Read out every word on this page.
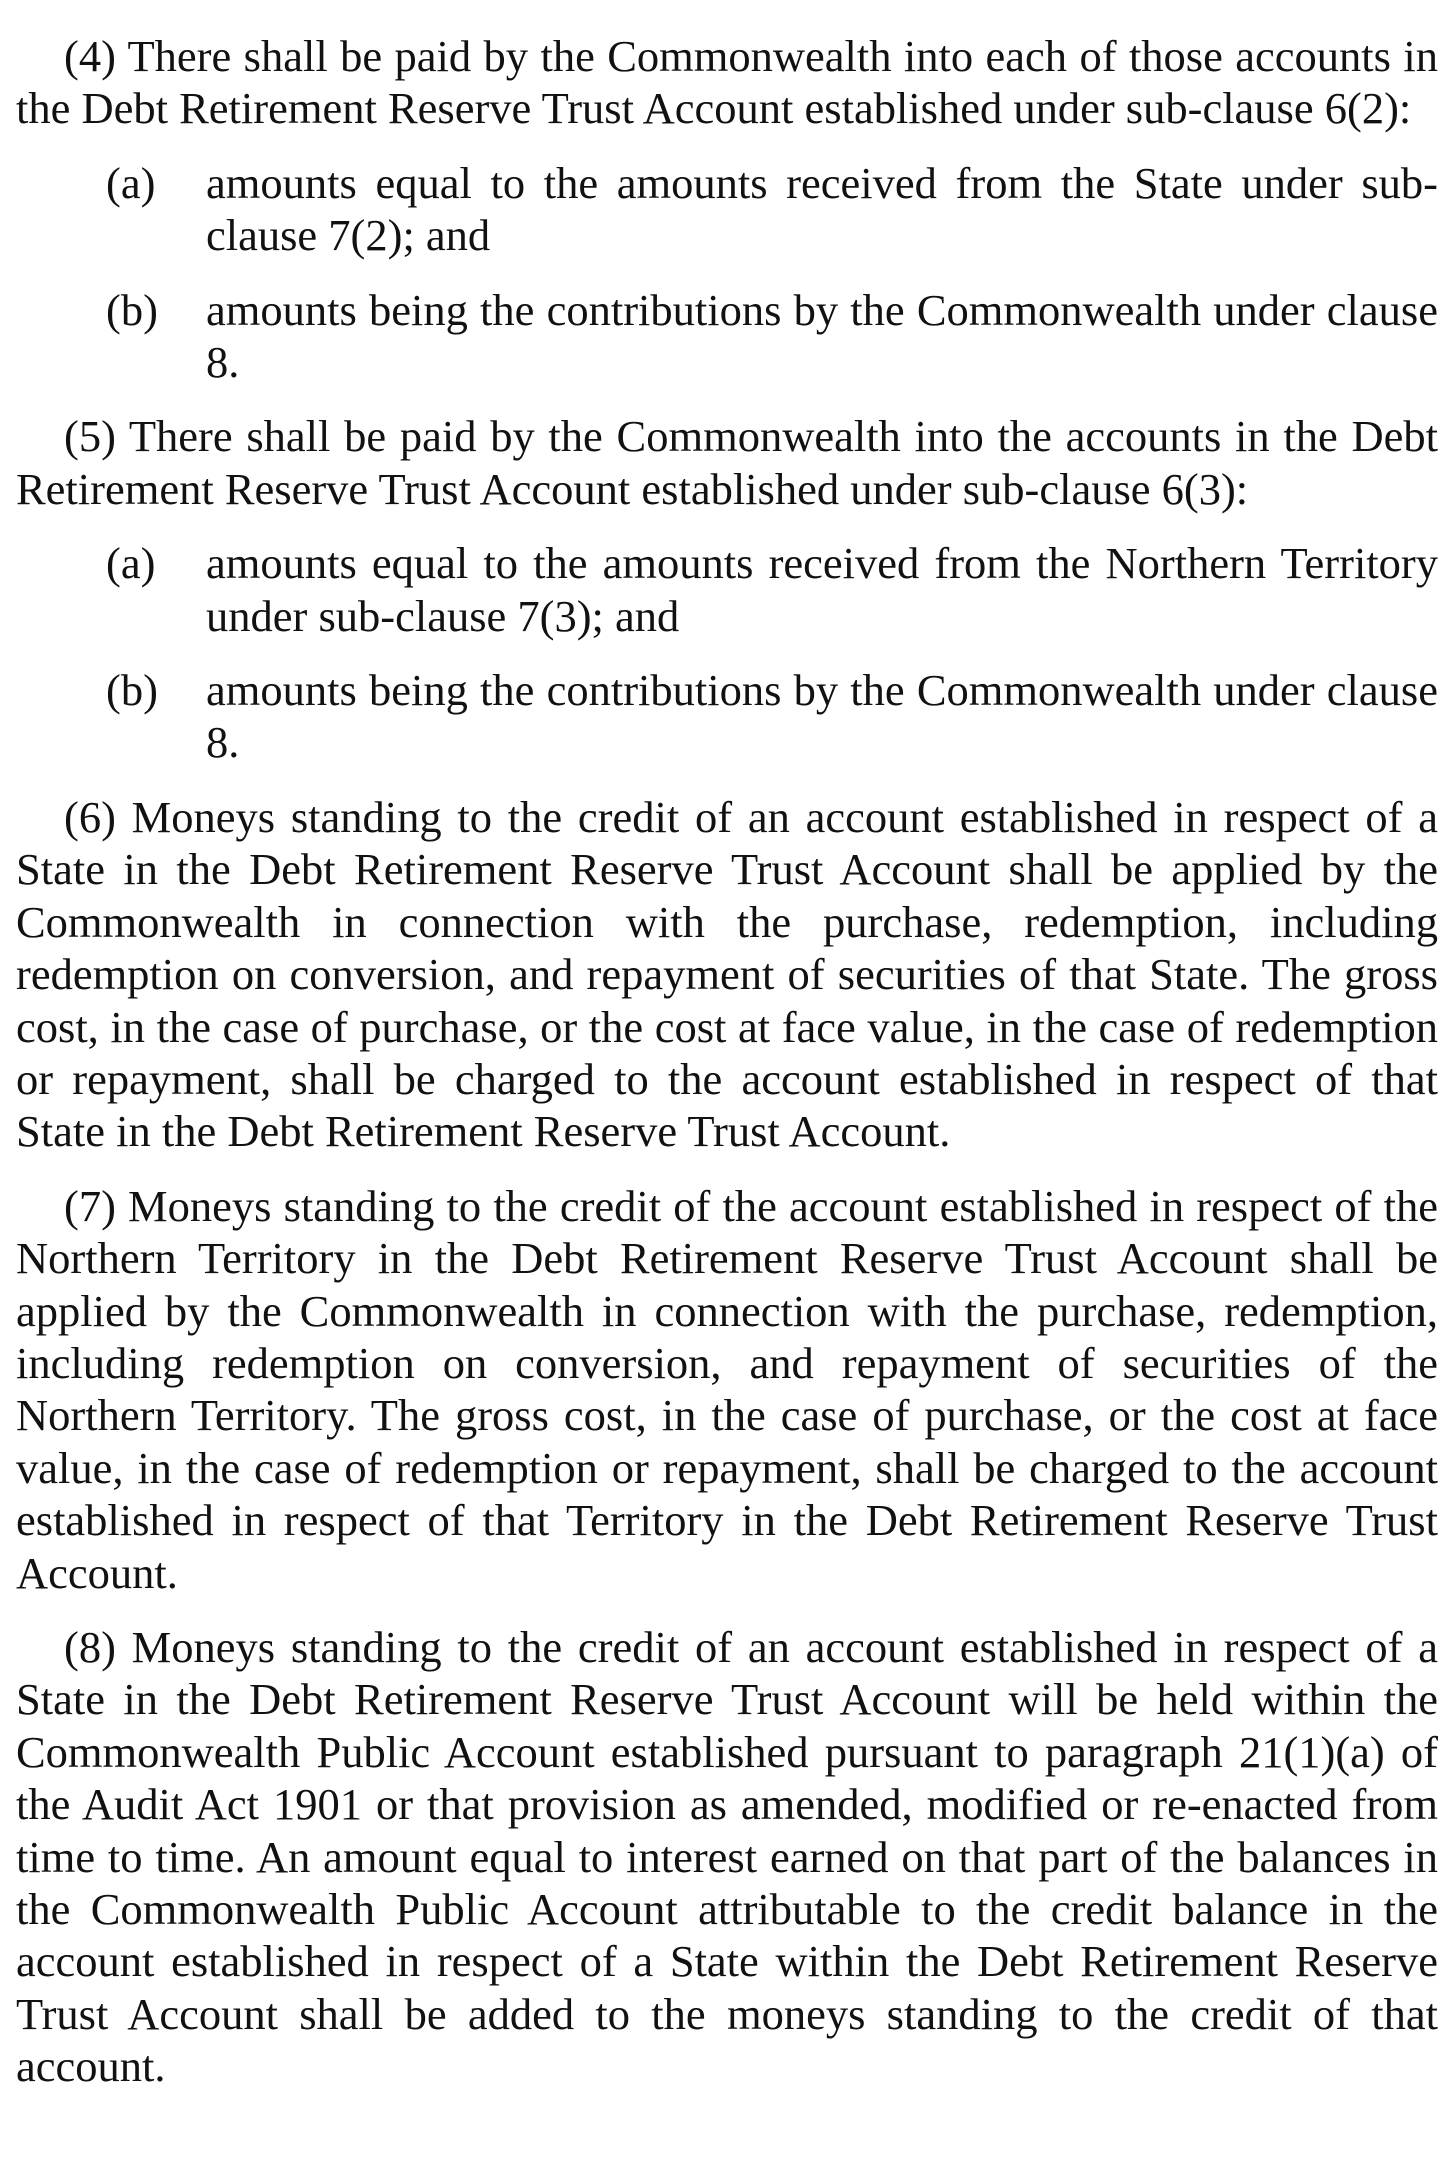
(4) There shall be paid by the Commonwealth into each of those accounts in the Debt Retirement Reserve Trust Account established under sub-clause 6(2):

(a)	amounts equal to the amounts received from the State under sub-clause 7(2); and
(b)	amounts being the contributions by the Commonwealth under clause 8.

(5) There shall be paid by the Commonwealth into the accounts in the Debt Retirement Reserve Trust Account established under sub-clause 6(3):

(a)	amounts equal to the amounts received from the Northern Territory under sub-clause 7(3); and
(b)	amounts being the contributions by the Commonwealth under clause 8.

(6) Moneys standing to the credit of an account established in respect of a State in the Debt Retirement Reserve Trust Account shall be applied by the Commonwealth in connection with the purchase, redemption, including redemption on conversion, and repayment of securities of that State. The gross cost, in the case of purchase, or the cost at face value, in the case of redemption or repayment, shall be charged to the account established in respect of that State in the Debt Retirement Reserve Trust Account.

(7) Moneys standing to the credit of the account established in respect of the Northern Territory in the Debt Retirement Reserve Trust Account shall be applied by the Commonwealth in connection with the purchase, redemption, including redemption on conversion, and repayment of securities of the Northern Territory. The gross cost, in the case of purchase, or the cost at face value, in the case of redemption or repayment, shall be charged to the account established in respect of that Territory in the Debt Retirement Reserve Trust Account.

(8) Moneys standing to the credit of an account established in respect of a State in the Debt Retirement Reserve Trust Account will be held within the Commonwealth Public Account established pursuant to paragraph 21(1)(a) of the Audit Act 1901 or that provision as amended, modified or re-enacted from time to time. An amount equal to interest earned on that part of the balances in the Commonwealth Public Account attributable to the credit balance in the account established in respect of a State within the Debt Retirement Reserve Trust Account shall be added to the moneys standing to the credit of that account.
